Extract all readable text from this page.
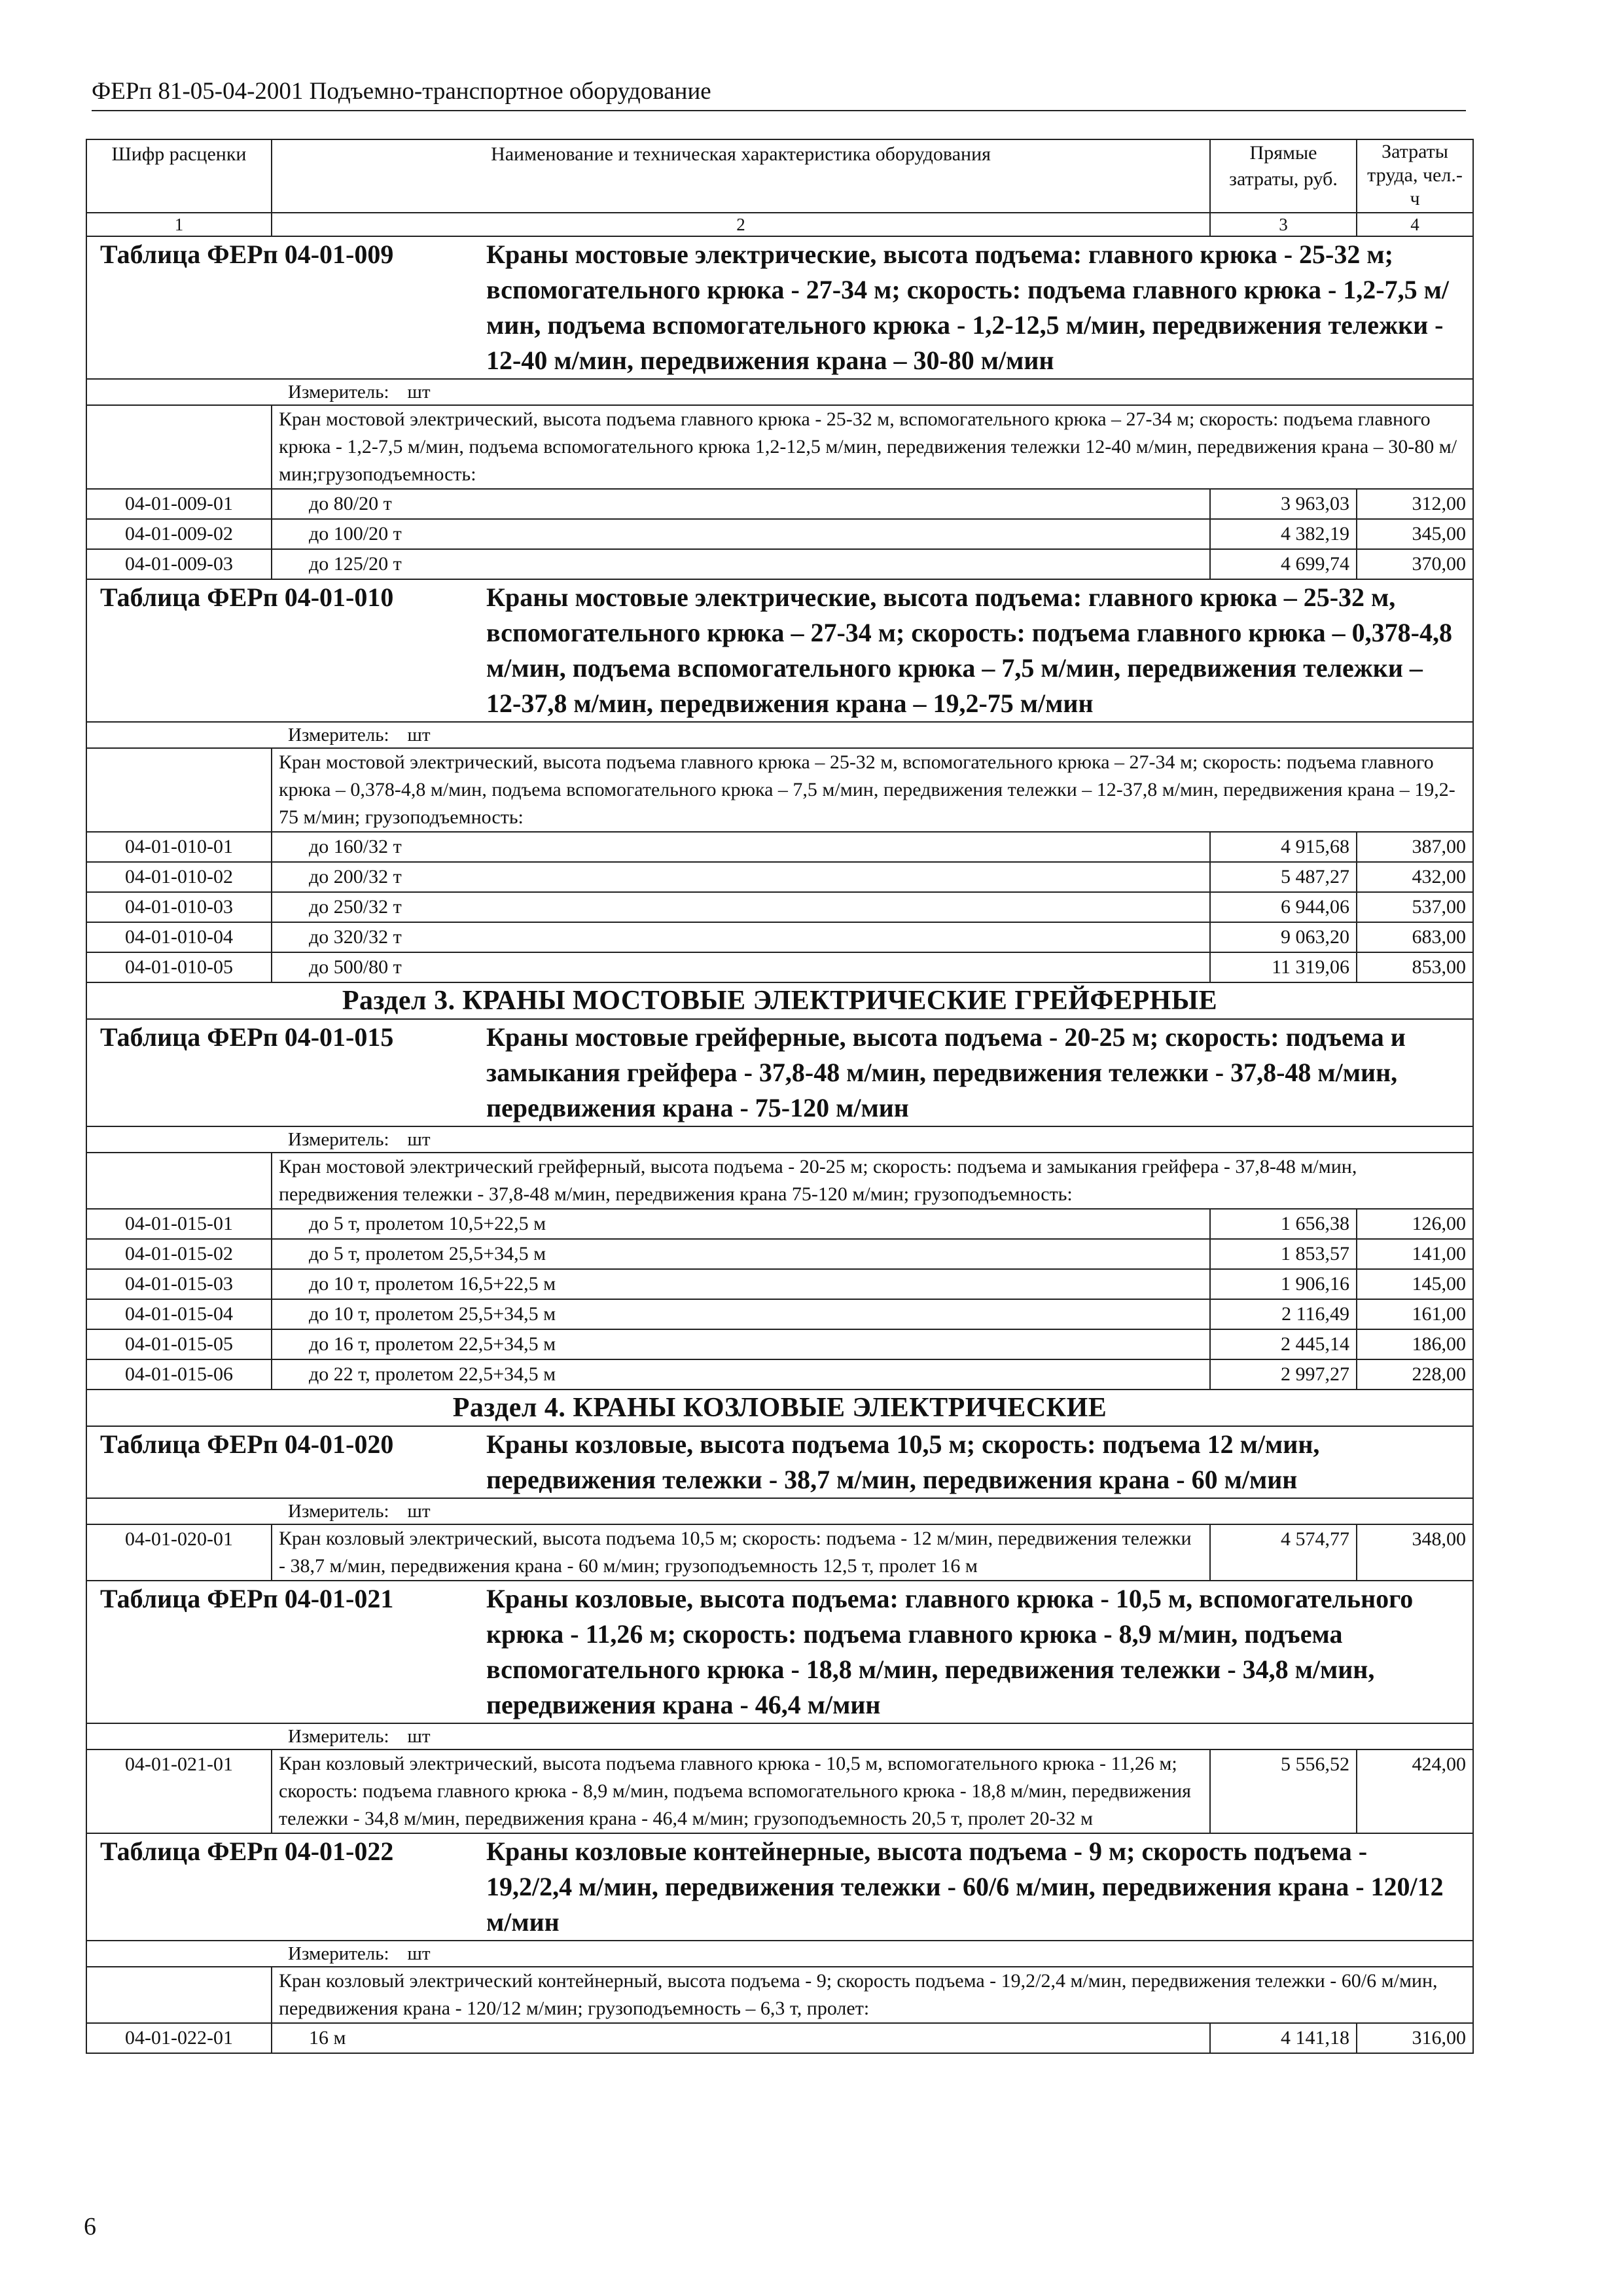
ФЕРп 81-05-04-2001 Подъемно-транспортное оборудование
Шифр расценки	Наименование и техническая характеристика оборудования	Прямые затраты, руб.	Затраты труда, чел.-ч
1	2	3	4

Таблица ФЕРп 04-01-009 Краны мостовые электрические, высота подъема: главного крюка - 25-32 м; вспомогательного крюка - 27-34 м; скорость: подъема главного крюка - 1,2-7,5 м/мин, подъема вспомогательного крюка - 1,2-12,5 м/мин, передвижения тележки - 12-40 м/мин, передвижения крана – 30-80 м/мин			

Измеритель: шт			

	Кран мостовой электрический, высота подъема главного крюка - 25-32 м, вспомогательного крюка – 27-34 м; скорость: подъема главного крюка - 1,2-7,5 м/мин, подъема вспомогательного крюка 1,2-12,5 м/мин, передвижения тележки 12-40 м/мин, передвижения крана – 30-80 м/мин;грузоподъемность:		
04-01-009-01	до 80/20 т	3 963,03	312,00
04-01-009-02	до 100/20 т	4 382,19	345,00
04-01-009-03	до 125/20 т	4 699,74	370,00

Таблица ФЕРп 04-01-010 Краны мостовые электрические, высота подъема: главного крюка – 25-32 м, вспомогательного крюка – 27-34 м; скорость: подъема главного крюка – 0,378-4,8 м/мин, подъема вспомогательного крюка – 7,5 м/мин, передвижения тележки – 12-37,8 м/мин, передвижения крана – 19,2-75 м/мин			

Измеритель: шт			

	Кран мостовой электрический, высота подъема главного крюка – 25-32 м, вспомогательного крюка – 27-34 м; скорость: подъема главного крюка – 0,378-4,8 м/мин, подъема вспомогательного крюка – 7,5 м/мин, передвижения тележки – 12-37,8 м/мин, передвижения крана – 19,2-75 м/мин; грузоподъемность:		
04-01-010-01	до 160/32 т	4 915,68	387,00
04-01-010-02	до 200/32 т	5 487,27	432,00
04-01-010-03	до 250/32 т	6 944,06	537,00
04-01-010-04	до 320/32 т	9 063,20	683,00
04-01-010-05	до 500/80 т	11 319,06	853,00
Раздел 3. КРАНЫ МОСТОВЫЕ ЭЛЕКТРИЧЕСКИЕ ГРЕЙФЕРНЫЕ			

Таблица ФЕРп 04-01-015 Краны мостовые грейферные, высота подъема - 20-25 м; скорость: подъема и замыкания грейфера - 37,8-48 м/мин, передвижения тележки - 37,8-48 м/мин, передвижения крана - 75-120 м/мин			

Измеритель: шт			

	Кран мостовой электрический грейферный, высота подъема - 20-25 м; скорость: подъема и замыкания грейфера - 37,8-48 м/мин, передвижения тележки - 37,8-48 м/мин, передвижения крана 75-120 м/мин; грузоподъемность:		
04-01-015-01	до 5 т, пролетом 10,5+22,5 м	1 656,38	126,00
04-01-015-02	до 5 т, пролетом 25,5+34,5 м	1 853,57	141,00
04-01-015-03	до 10 т, пролетом 16,5+22,5 м	1 906,16	145,00
04-01-015-04	до 10 т, пролетом 25,5+34,5 м	2 116,49	161,00
04-01-015-05	до 16 т, пролетом 22,5+34,5 м	2 445,14	186,00
04-01-015-06	до 22 т, пролетом 22,5+34,5 м	2 997,27	228,00
Раздел 4. КРАНЫ КОЗЛОВЫЕ ЭЛЕКТРИЧЕСКИЕ			

Таблица ФЕРп 04-01-020 Краны козловые, высота подъема 10,5 м; скорость: подъема 12 м/мин, передвижения тележки - 38,7 м/мин, передвижения крана - 60 м/мин			

Измеритель: шт			

04-01-020-01	Кран козловый электрический, высота подъема 10,5 м; скорость: подъема - 12 м/мин, передвижения тележки - 38,7 м/мин, передвижения крана - 60 м/мин; грузоподъемность 12,5 т, пролет 16 м	4 574,77	348,00

Таблица ФЕРп 04-01-021 Краны козловые, высота подъема: главного крюка - 10,5 м, вспомогательного крюка - 11,26 м; скорость: подъема главного крюка - 8,9 м/мин, подъема вспомогательного крюка - 18,8 м/мин, передвижения тележки - 34,8 м/мин, передвижения крана - 46,4 м/мин			

Измеритель: шт			

04-01-021-01	Кран козловый электрический, высота подъема главного крюка - 10,5 м, вспомогательного крюка - 11,26 м; скорость: подъема главного крюка - 8,9 м/мин, подъема вспомогательного крюка - 18,8 м/мин, передвижения тележки - 34,8 м/мин, передвижения крана - 46,4 м/мин; грузоподъемность 20,5 т, пролет 20-32 м	5 556,52	424,00

Таблица ФЕРп 04-01-022 Краны козловые контейнерные, высота подъема - 9 м; скорость подъема - 19,2/2,4 м/мин, передвижения тележки - 60/6 м/мин, передвижения крана - 120/12 м/мин			

Измеритель: шт			

	Кран козловый электрический контейнерный, высота подъема - 9; скорость подъема - 19,2/2,4 м/мин, передвижения тележки - 60/6 м/мин, передвижения крана - 120/12 м/мин; грузоподъемность – 6,3 т, пролет:		
04-01-022-01	16 м	4 141,18	316,00
6
